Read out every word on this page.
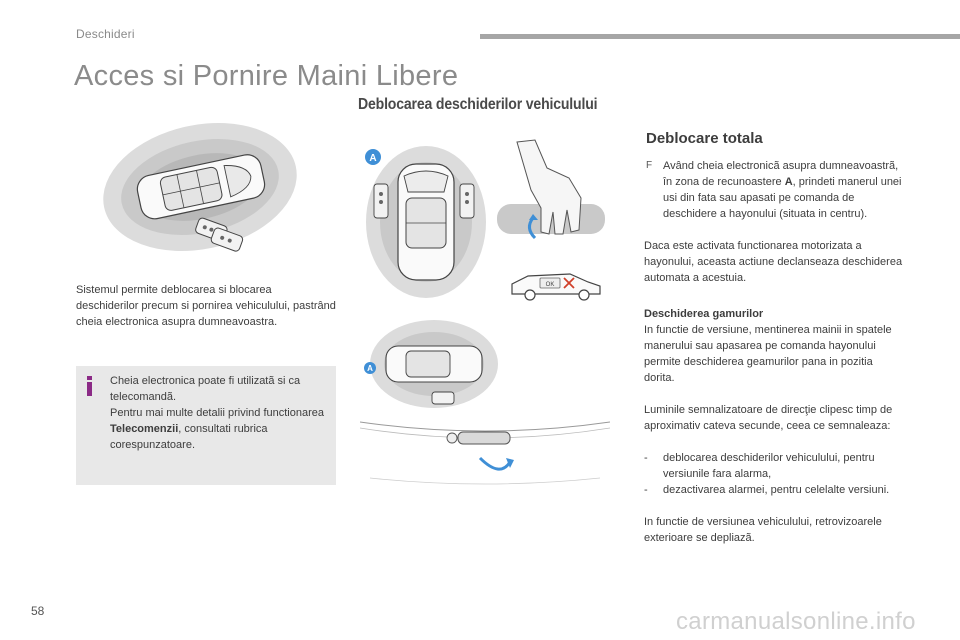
Deschideri
Acces si Pornire Maini Libere
Deblocarea deschiderilor vehiculului
Sistemul permite deblocarea si blocarea deschiderilor precum si pornirea vehiculului, pastrând cheia electronica asupra dumneavoastra.
Cheia electronica poate fi utilizatã si ca telecomandã.
Pentru mai multe detalii privind functionarea Telecomenzii, consultati rubrica corespunzatoare.
A
OK
A
Deblocare totala
F Având cheia electronicã asupra dumneavoastrã, în zona de recunoastere A, prindeti manerul unei usi din fata sau apasati pe comanda de deschidere a hayonului (situata in centru).
Daca este activata functionarea motorizata a hayonului, aceasta actiune declanseaza deschiderea automata a acestuia.
Deschiderea gamurilor
In functie de versiune, mentinerea mainii in spatele manerului sau apasarea pe comanda hayonului permite deschiderea geamurilor pana in pozitia dorita.
Luminile semnalizatoare de direcţie clipesc timp de aproximativ cateva secunde, ceea ce semnaleaza:
- deblocarea deschiderilor vehiculului, pentru versiunile fara alarma,
- dezactivarea alarmei, pentru celelalte versiuni.
In functie de versiunea vehiculului, retrovizoarele exterioare se depliazã.
58	carmanualsonline.info
